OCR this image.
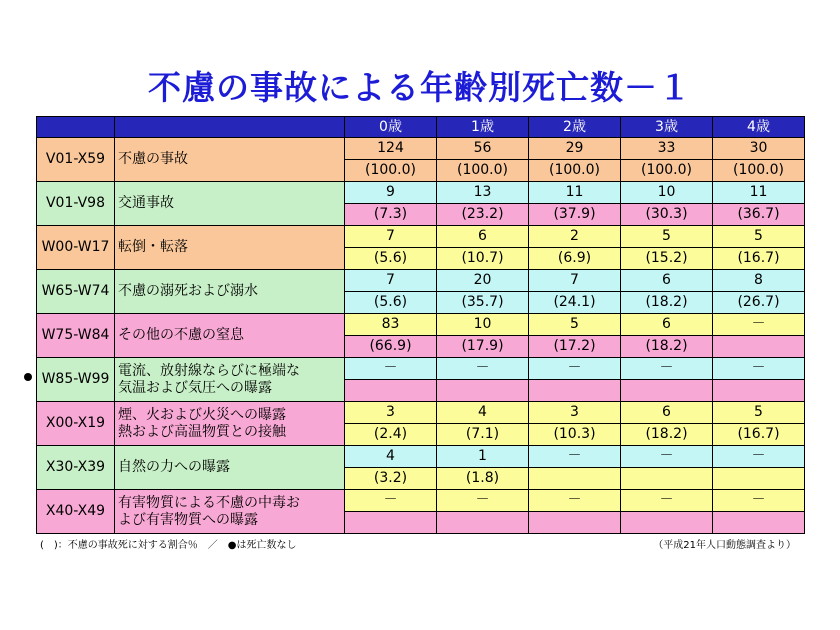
不慮の事故による年齢別死亡数－１
		0歳	1歳	2歳	3歳	4歳
V01-X59	不慮の事故	124	56	29	33	30
		(100.0)	(100.0)	(100.0)	(100.0)	(100.0)
V01-V98	交通事故	9	13	11	10	11
		(7.3)	(23.2)	(37.9)	(30.3)	(36.7)
W00-W17	転倒・転落	7	6	2	5	5
		(5.6)	(10.7)	(6.9)	(15.2)	(16.7)
W65-W74	不慮の溺死および溺水	7	20	7	6	8
		(5.6)	(35.7)	(24.1)	(18.2)	(26.7)
W75-W84	その他の不慮の窒息	83	10	5	6	－
		(66.9)	(17.9)	(17.2)	(18.2)	
W85-W99	電流、放射線ならびに極端な
気温および気圧への曝露	－	－	－	－	－

X00-X19	煙、火および火災への曝露
熱および高温物質との接触	3	4	3	6	5
		(2.4)	(7.1)	(10.3)	(18.2)	(16.7)
X30-X39	自然の力への曝露	4	1	－	－	－
		(3.2)	(1.8)			
X40-X49	有害物質による不慮の中毒お
よび有害物質への曝露	－	－	－	－	－

(　)：不慮の事故死に対する割合％　／　●は死亡数なし	（平成21年人口動態調査より）
